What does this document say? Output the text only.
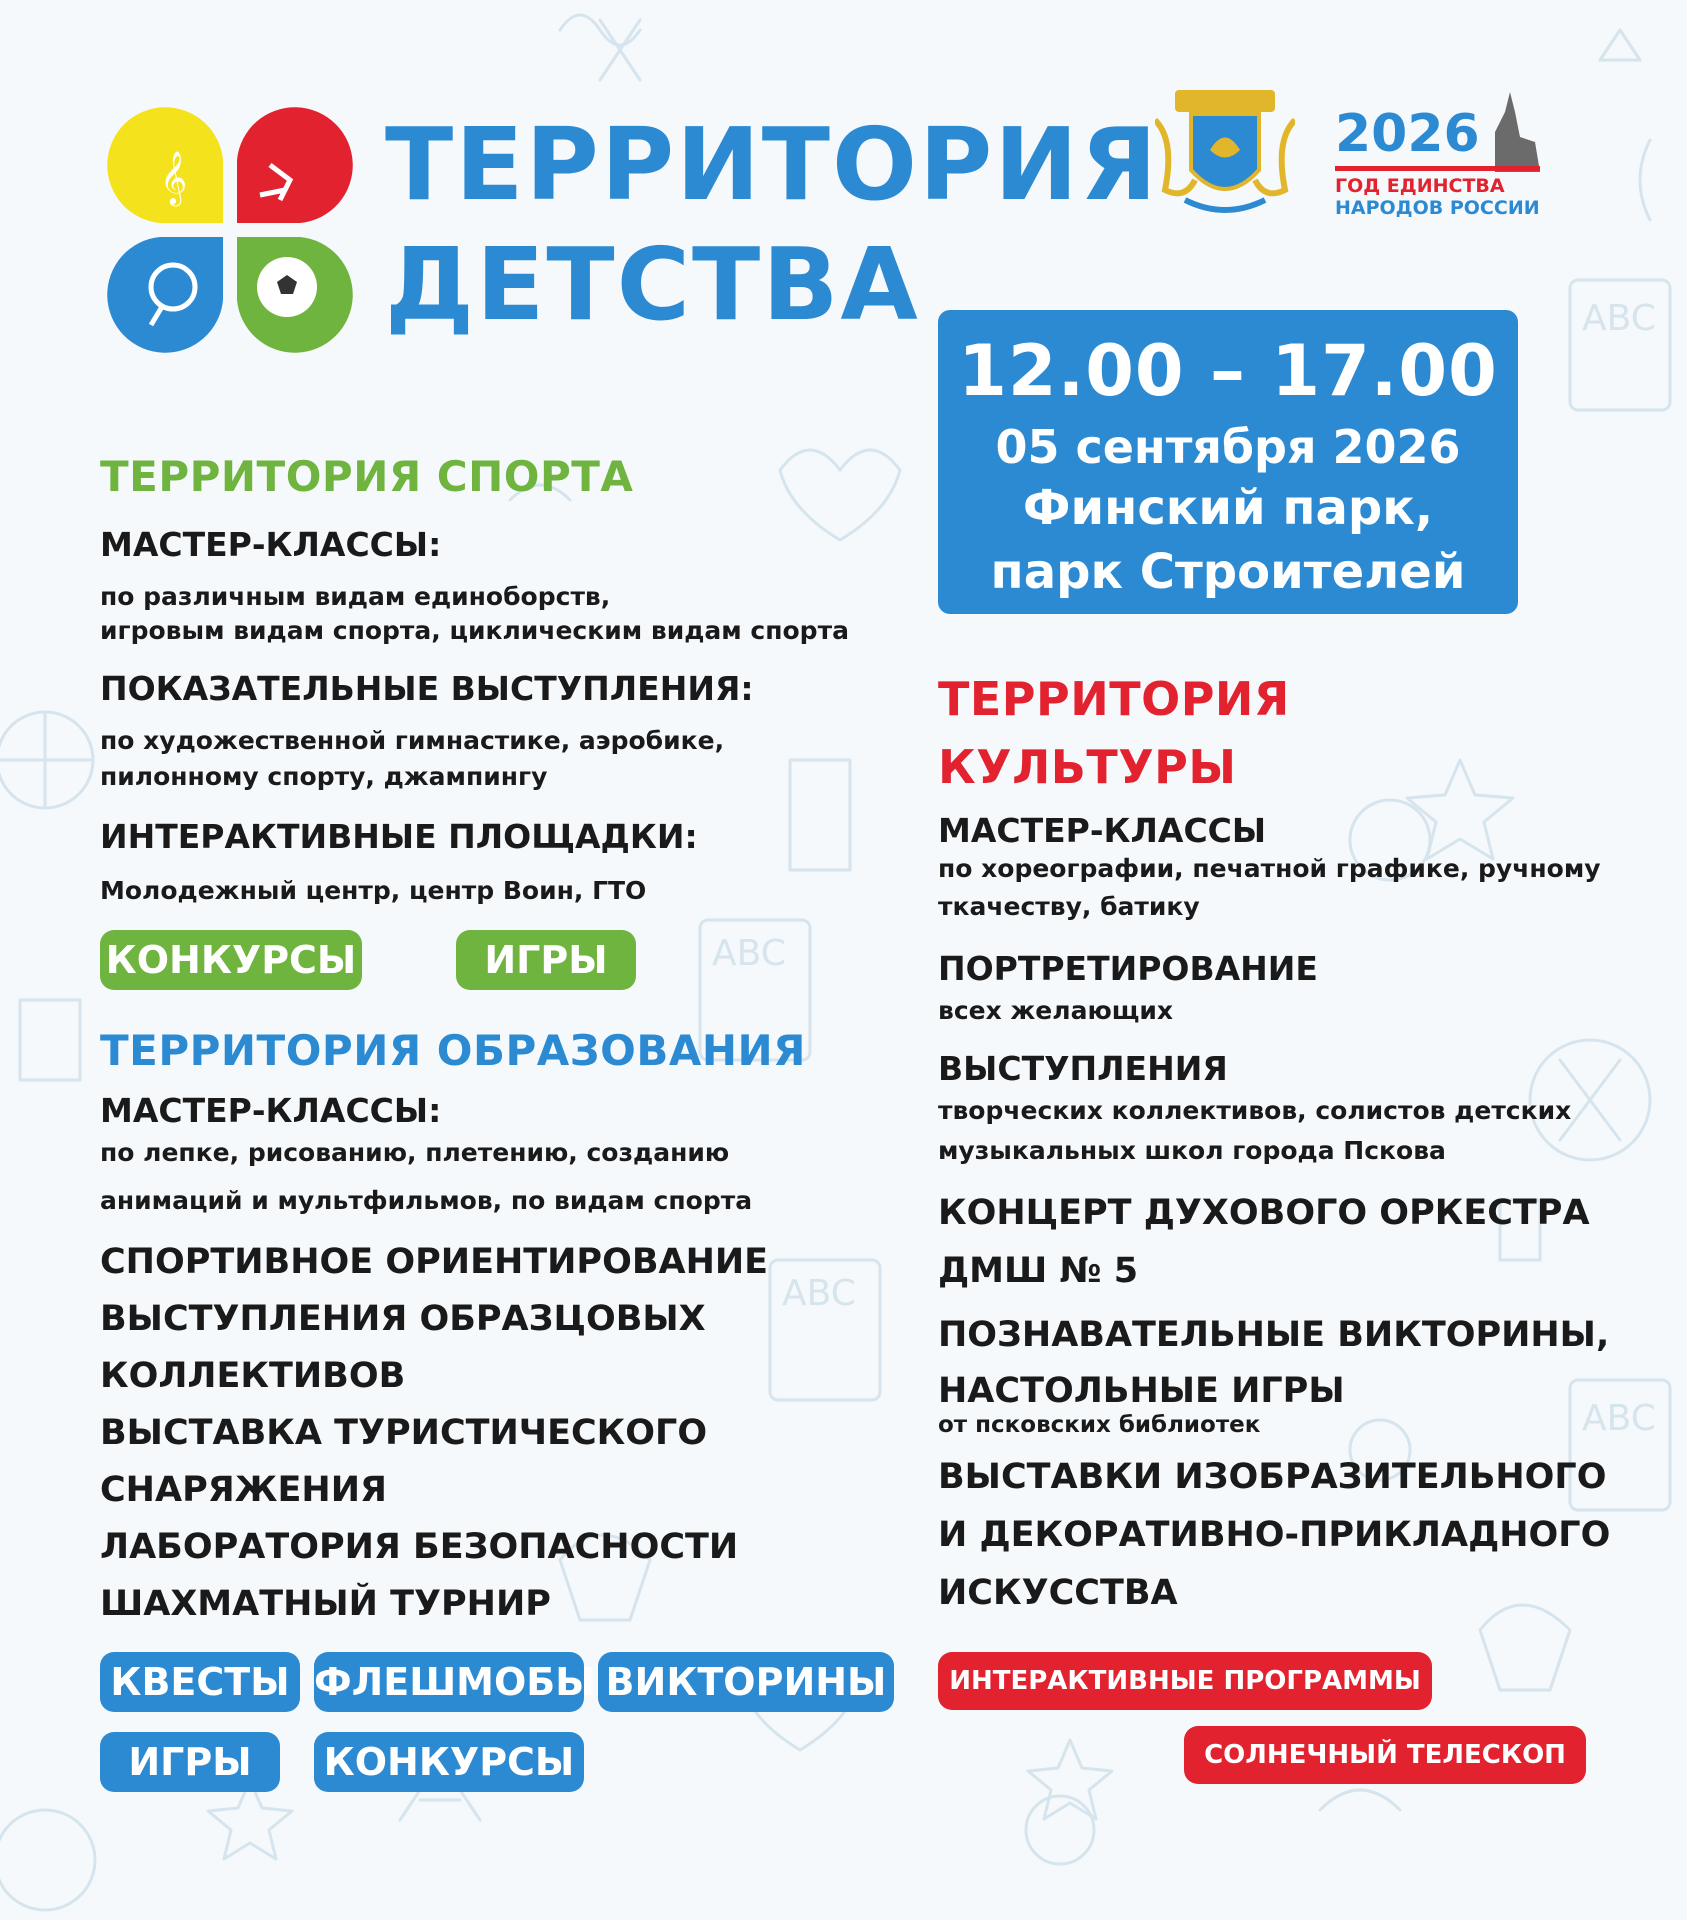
ABC
ABC
ABC
ABC
𝄞 ТЕРРИТОРИЯ
ДЕТСТВА
2026
ГОД ЕДИНСТВА
НАРОДОВ РОССИИ
12.00 – 17.00
05 сентября 2026
Финский парк,
парк Строителей
ТЕРРИТОРИЯ СПОРТА
МАСТЕР-КЛАССЫ:
по различным видам единоборств,
игровым видам спорта, циклическим видам спорта
ПОКАЗАТЕЛЬНЫЕ ВЫСТУПЛЕНИЯ:
по художественной гимнастике, аэробике,
пилонному спорту, джампингу
ИНТЕРАКТИВНЫЕ ПЛОЩАДКИ:
Молодежный центр, центр Воин, ГТО
КОНКУРСЫ	ИГРЫ
ТЕРРИТОРИЯ ОБРАЗОВАНИЯ
МАСТЕР-КЛАССЫ:
по лепке, рисованию, плетению, созданию
анимаций и мультфильмов, по видам спорта
СПОРТИВНОЕ ОРИЕНТИРОВАНИЕ
ВЫСТУПЛЕНИЯ ОБРАЗЦОВЫХ
КОЛЛЕКТИВОВ
ВЫСТАВКА ТУРИСТИЧЕСКОГО
СНАРЯЖЕНИЯ
ЛАБОРАТОРИЯ БЕЗОПАСНОСТИ
ШАХМАТНЫЙ ТУРНИР
КВЕСТЫ ФЛЕШМОБЫ ВИКТОРИНЫ
ИГРЫ	КОНКУРСЫ
ТЕРРИТОРИЯ
КУЛЬТУРЫ
МАСТЕР-КЛАССЫ
по хореографии, печатной графике, ручному
ткачеству, батику
ПОРТРЕТИРОВАНИЕ
всех желающих
ВЫСТУПЛЕНИЯ
творческих коллективов, солистов детских
музыкальных школ города Пскова
КОНЦЕРТ ДУХОВОГО ОРКЕСТРА
ДМШ № 5
ПОЗНАВАТЕЛЬНЫЕ ВИКТОРИНЫ,
НАСТОЛЬНЫЕ ИГРЫ
от псковских библиотек
ВЫСТАВКИ ИЗОБРАЗИТЕЛЬНОГО
И ДЕКОРАТИВНО-ПРИКЛАДНОГО
ИСКУССТВА
ИНТЕРАКТИВНЫЕ ПРОГРАММЫ
СОЛНЕЧНЫЙ ТЕЛЕСКОП
